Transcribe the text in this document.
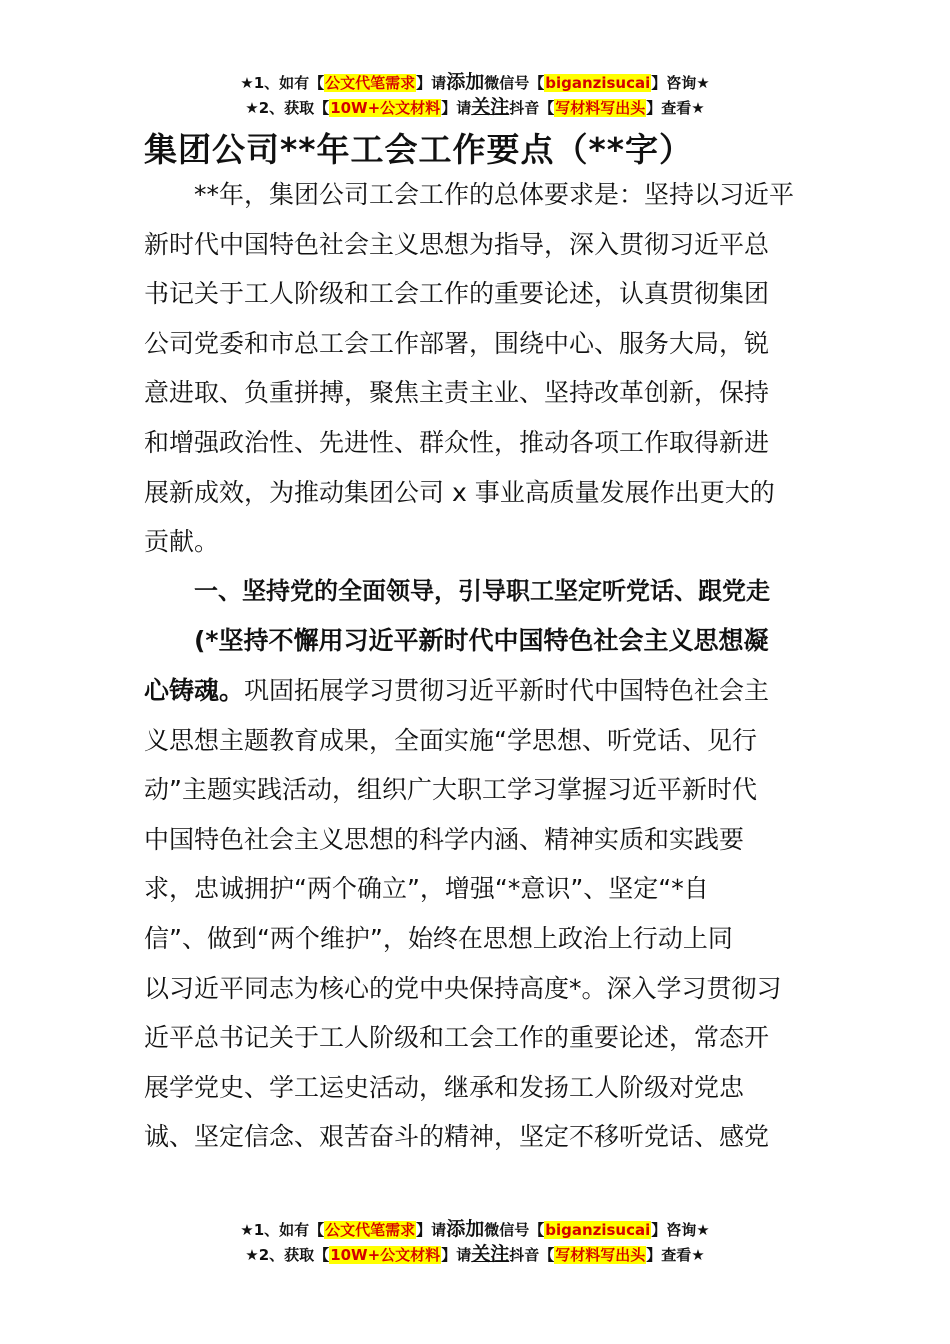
★1、如有【公文代笔需求】请添加微信号【biganzisucai】咨询★
★2、获取【10W+公文材料】请关注抖音【写材料写出头】查看★
集团公司**年工会工作要点（**字）
**年，集团公司工会工作的总体要求是：坚持以习近平
新时代中国特色社会主义思想为指导，深入贯彻习近平总
书记关于工人阶级和工会工作的重要论述，认真贯彻集团
公司党委和市总工会工作部署，围绕中心、服务大局，锐
意进取、负重拼搏，聚焦主责主业、坚持改革创新，保持
和增强政治性、先进性、群众性，推动各项工作取得新进
展新成效，为推动集团公司 x 事业高质量发展作出更大的
贡献。
一、坚持党的全面领导，引导职工坚定听党话、跟党走
(*坚持不懈用习近平新时代中国特色社会主义思想凝
心铸魂。巩固拓展学习贯彻习近平新时代中国特色社会主
义思想主题教育成果，全面实施“学思想、听党话、见行
动”主题实践活动，组织广大职工学习掌握习近平新时代
中国特色社会主义思想的科学内涵、精神实质和实践要
求，忠诚拥护“两个确立”，增强“*意识”、坚定“*自
信”、做到“两个维护”，始终在思想上政治上行动上同
以习近平同志为核心的党中央保持高度*。深入学习贯彻习
近平总书记关于工人阶级和工会工作的重要论述，常态开
展学党史、学工运史活动，继承和发扬工人阶级对党忠
诚、坚定信念、艰苦奋斗的精神，坚定不移听党话、感党
★1、如有【公文代笔需求】请添加微信号【biganzisucai】咨询★
★2、获取【10W+公文材料】请关注抖音【写材料写出头】查看★
